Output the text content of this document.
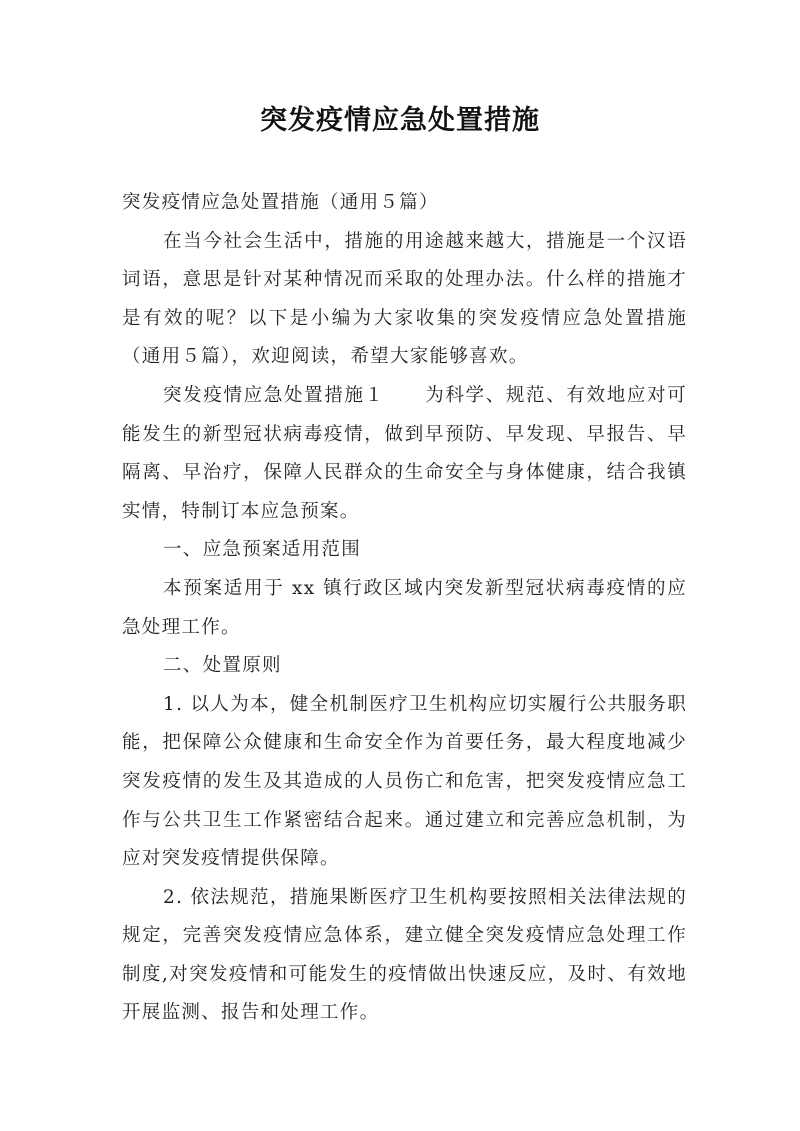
突发疫情应急处置措施

突发疫情应急处置措施（通用５篇）

在当今社会生活中，措施的用途越来越大，措施是一个汉语词语，意思是针对某种情况而采取的处理办法。什么样的措施才是有效的呢？以下是小编为大家收集的突发疫情应急处置措施（通用５篇），欢迎阅读，希望大家能够喜欢。

突发疫情应急处置措施１ 为科学、规范、有效地应对可能发生的新型冠状病毒疫情，做到早预防、早发现、早报告、早隔离、早治疗，保障人民群众的生命安全与身体健康，结合我镇实情，特制订本应急预案。

一、应急预案适用范围

本预案适用于 xx 镇行政区域内突发新型冠状病毒疫情的应急处理工作。

二、处置原则

1. 以人为本，健全机制医疗卫生机构应切实履行公共服务职能，把保障公众健康和生命安全作为首要任务，最大程度地减少突发疫情的发生及其造成的人员伤亡和危害，把突发疫情应急工作与公共卫生工作紧密结合起来。通过建立和完善应急机制，为应对突发疫情提供保障。

2. 依法规范，措施果断医疗卫生机构要按照相关法律法规的规定，完善突发疫情应急体系，建立健全突发疫情应急处理工作制度,对突发疫情和可能发生的疫情做出快速反应，及时、有效地开展监测、报告和处理工作。
